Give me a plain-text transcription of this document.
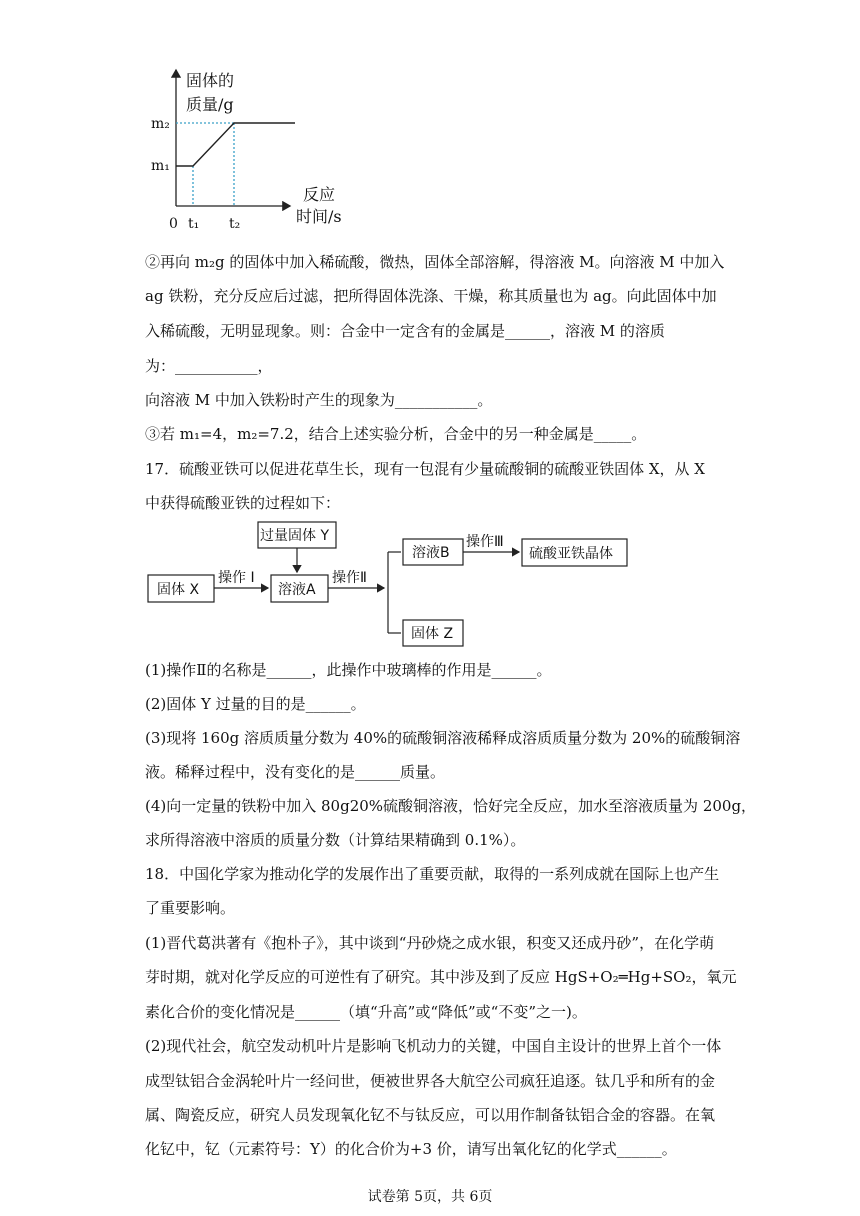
固体的
质量/g
m₂
m₁
0 t₁ t₂
反应
时间/s
②再向 m₂g 的固体中加入稀硫酸，微热，固体全部溶解，得溶液 M。向溶液 M 中加入
ag 铁粉，充分反应后过滤，把所得固体洗涤、干燥，称其质量也为 ag。向此固体中加
入稀硫酸，无明显现象。则：合金中一定含有的金属是______，溶液 M 的溶质
为：___________，
向溶液 M 中加入铁粉时产生的现象为___________。
③若 m₁=4，m₂=7.2，结合上述实验分析，合金中的另一种金属是_____。
17．硫酸亚铁可以促进花草生长，现有一包混有少量硫酸铜的硫酸亚铁固体 X，从 X
中获得硫酸亚铁的过程如下：
过量固体 Y
固体 X
操作 I
溶液A
操作Ⅱ
溶液B
操作Ⅲ
硫酸亚铁晶体
固体 Z
(1)操作Ⅱ的名称是______，此操作中玻璃棒的作用是______。
(2)固体 Y 过量的目的是______。
(3)现将 160g 溶质质量分数为 40%的硫酸铜溶液稀释成溶质质量分数为 20%的硫酸铜溶
液。稀释过程中，没有变化的是______质量。
(4)向一定量的铁粉中加入 80g20%硫酸铜溶液，恰好完全反应，加水至溶液质量为 200g，
求所得溶液中溶质的质量分数（计算结果精确到 0.1%）。
18．中国化学家为推动化学的发展作出了重要贡献，取得的一系列成就在国际上也产生
了重要影响。
(1)晋代葛洪著有《抱朴子》，其中谈到“丹砂烧之成水银，积变又还成丹砂”，在化学萌
芽时期，就对化学反应的可逆性有了研究。其中涉及到了反应 HgS+O₂═Hg+SO₂，氧元
素化合价的变化情况是______（填“升高”或“降低”或“不变”之一)。
(2)现代社会，航空发动机叶片是影响飞机动力的关键，中国自主设计的世界上首个一体
成型钛铝合金涡轮叶片一经问世，便被世界各大航空公司疯狂追逐。钛几乎和所有的金
属、陶瓷反应，研究人员发现氧化钇不与钛反应，可以用作制备钛铝合金的容器。在氧
化钇中，钇（元素符号：Y）的化合价为+3 价，请写出氧化钇的化学式______。
试卷第 5页，共 6页
